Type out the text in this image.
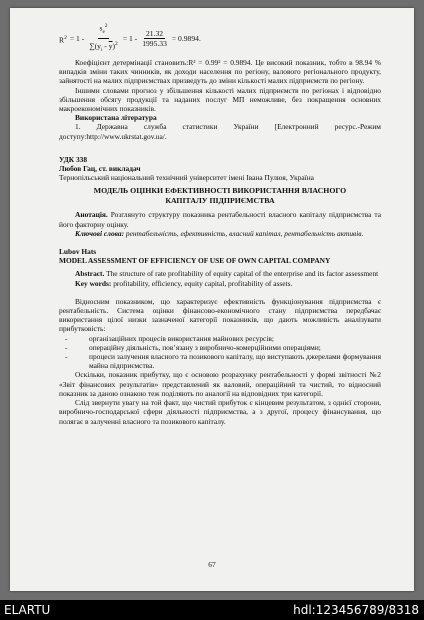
$R^2 = 1 - \frac{s_e^2}{\sum(y_i - \overline{y})^2} = 1 - \frac{21.32}{1995.33} = 0.9894$.

Коефіцієнт детермінації становить:R² = 0.99² = 0.9894. Це високий показник, тобто в 98.94 % випадків зміни таких чинників, як доходи населення по регіону, валового регіонального продукту, зайнятості на малих підприємствах призведуть до зміни кількості малих підприємств по регіону.

Іншими словами прогноз у збільшення кількості малих підприємств по регіонах і відповідно збільшення обсягу продукції та наданих послуг МП неможливе, без покращення основних макроекономічних показників.

Використана література

1. Державна служба статистики України [Електронний ресурс.-Режим доступу:http://www.ukrstat.gov.ua/.

УДК 338

Любов Гац, ст. викладач

Тернопільський національний технічний університет імені Івана Пулюя, Україна

МОДЕЛЬ ОЦІНКИ ЕФЕКТИВНОСТІ ВИКОРИСТАННЯ ВЛАСНОГО

КАПІТАЛУ ПІДПРИЄМСТВА

Анотація. Розглянуто структуру показника рентабельності власного капіталу підприємства та його факторну оцінку.

Ключові слова: рентабельність, ефективність, власний капітал, рентабельність активів.

Lubov Hats

MODEL ASSESSMENT OF EFFICIENCY OF USE OF OWN CAPITAL COMPANY

Abstract. The structure of rate profitability of equity capital of the enterprise and its factor assessment

Key words: profitability, efficiency, equity capital, profitability of assets.

Відносним показником, що характеризує ефективність функціонування підприємства є рентабельність. Система оцінки фінансово-економічного стану підприємства передбачає використання цілої низки зазначеної категорії показників, що дають можливість аналізувати прибутковість:

-	організаційних процесів використання майнових ресурсів;
-	операційну діяльність, пов’язану з виробничо-комерційними операціями;
-	процеси залучення власного та позикового капіталу, що виступають джерелами формування майна підприємства.

Оскільки, показник прибутку, що є основою розрахунку рентабельності у формі звітності №2 «Звіт фінансових результатів» представлений як валовий, операційний та чистий, то відносний показник за даною ознакою теж поділяють по аналогії на відповідних три категорії.

Слід звернути увагу на той факт, що чистий прибуток є кінцевим результатом, з однієї сторони, виробничо-господарської сфери діяльності підприємства, а з другої, процесу фінансування, що полягає в залученні власного та позикового капіталу.

67
ELARTU	hdl:123456789/8318
